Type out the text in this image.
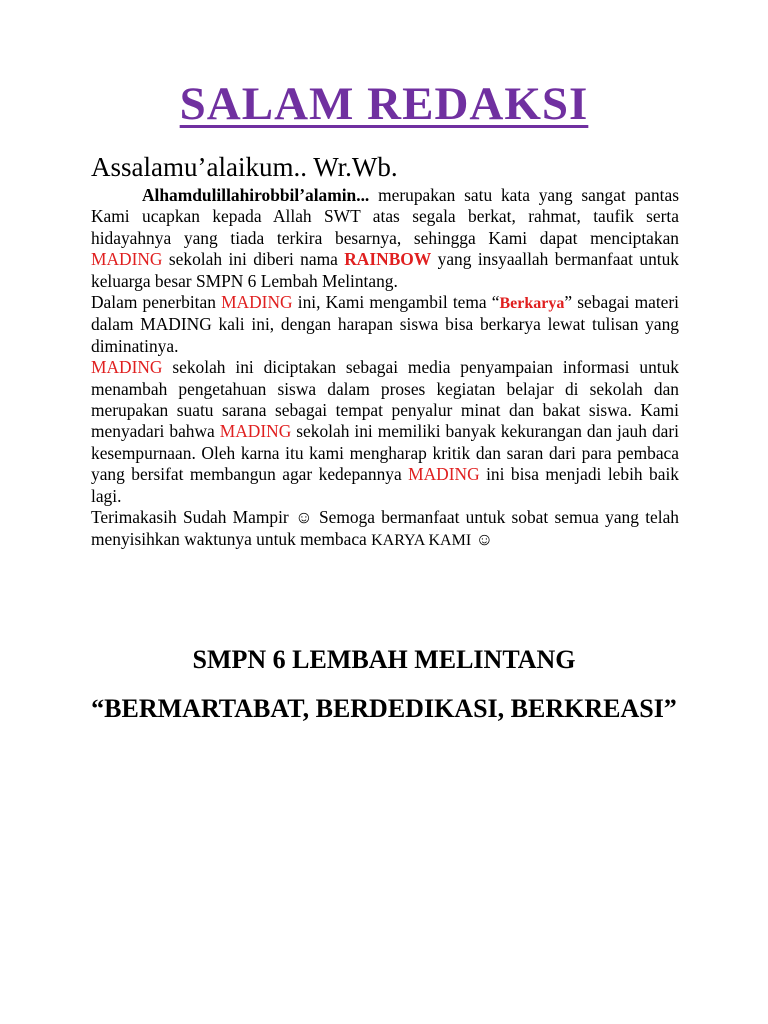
SALAM REDAKSI
Assalamu’alaikum.. Wr.Wb.

Alhamdulillahirobbil’alamin... merupakan satu kata yang sangat pantas Kami ucapkan kepada Allah SWT atas segala berkat, rahmat, taufik serta hidayahnya yang tiada terkira besarnya, sehingga Kami dapat menciptakan MADING sekolah ini diberi nama RAINBOW yang insyaallah bermanfaat untuk keluarga besar SMPN 6 Lembah Melintang.

Dalam penerbitan MADING ini, Kami mengambil tema “Berkarya” sebagai materi dalam MADING kali ini, dengan harapan siswa bisa berkarya lewat tulisan yang diminatinya.

MADING sekolah ini diciptakan sebagai media penyampaian informasi untuk menambah pengetahuan siswa dalam proses kegiatan belajar di sekolah dan merupakan suatu sarana sebagai tempat penyalur minat dan bakat siswa. Kami menyadari bahwa MADING sekolah ini memiliki banyak kekurangan dan jauh dari kesempurnaan. Oleh karna itu kami mengharap kritik dan saran dari para pembaca yang bersifat membangun agar kedepannya MADING ini bisa menjadi lebih baik lagi.

Terimakasih Sudah Mampir ☺ Semoga bermanfaat untuk sobat semua yang telah menyisihkan waktunya untuk membaca KARYA KAMI ☺

SMPN 6 LEMBAH MELINTANG
“BERMARTABAT, BERDEDIKASI, BERKREASI”
